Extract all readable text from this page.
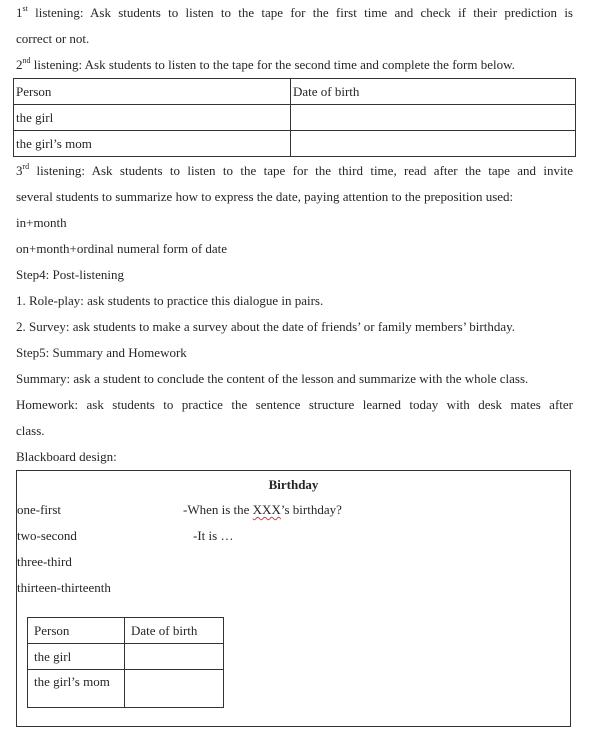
1st listening: Ask students to listen to the tape for the first time and check if their prediction is
correct or not.
2nd listening: Ask students to listen to the tape for the second time and complete the form below.
Person	Date of birth
the girl	
the girl’s mom	
3rd listening: Ask students to listen to the tape for the third time, read after the tape and invite
several students to summarize how to express the date, paying attention to the preposition used:
in+month
on+month+ordinal numeral form of date
Step4: Post-listening
1. Role-play: ask students to practice this dialogue in pairs.
2. Survey: ask students to make a survey about the date of friends’ or family members’ birthday.
Step5: Summary and Homework
Summary: ask a student to conclude the content of the lesson and summarize with the whole class.
Homework: ask students to practice the sentence structure learned today with desk mates after
class.
Blackboard design:
Birthday
one-first
two-second
three-third
thirteen-thirteenth
-When is the XXX’s birthday?
-It is …
Person	Date of birth
the girl	
the girl’s mom	
